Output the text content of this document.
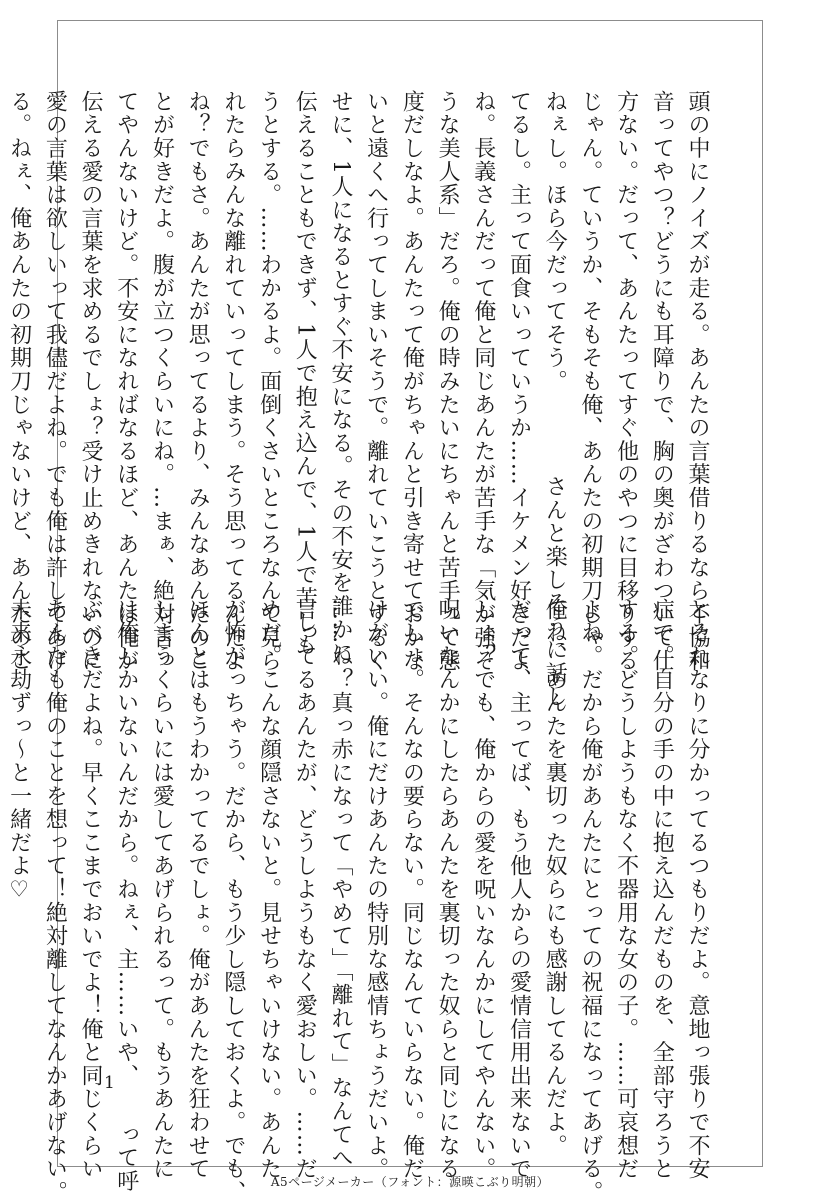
頭の中にノイズが走る。あんたの言葉借りるなら不協和
音ってやつ？どうにも耳障りで、胸の奥がざわついて仕
方ない。だって、あんたってすぐ他のやつに目移りする
じゃん。ていうか、そもそも俺、あんたの初期刀じゃ
ねぇし。ほら今だってそう。　　　　さんと楽しそうに話し
てるし。主って面食いっていうか……イケメン好きだよ
ね。長義さんだって俺と同じあんたが苦手な「気が強そ
うな美人系」だろ。俺の時みたいにちゃんと苦手って態
度だしなよ。あんたって俺がちゃんと引き寄せておかな
いと遠くへ行ってしまいそうで。離れていこうとするく
せに、1人になるとすぐ不安になる。その不安を誰かに
伝えることもできず、1人で抱え込んで、1人で苦しも
うとする。……わかるよ。面倒くさいところなんて見ら
れたらみんな離れていってしまう。そう思ってるんだよ
ね？でもさ。あんたが思ってるより、みんなあんたのこ
とが好きだよ。腹が立つくらいにね。…まぁ、絶対言っ
てやんないけど。不安になればなるほど、あんたは俺が
伝える愛の言葉を求めるでしょ？受け止めきれないのに
愛の言葉は欲しいって我儘だよね。でも俺は許してあげ
る。ねぇ、俺あんたの初期刀じゃないけど、あんたのこ
とそれなりに分かってるつもりだよ。意地っ張りで不安
症で。自分の手の中に抱え込んだものを、全部守ろうと
する。どうしようもなく不器用な女の子。……可哀想だ
よね。だから俺があんたにとっての祝福になってあげる。
俺ね、あんたを裏切った奴らにも感謝してるんだよ。
だって、主ってば、もう他人からの愛情信用出来ないで
しょ？でも、俺からの愛を呪いなんかにしてやんない。
呪いなんかにしたらあんたを裏切った奴らと同じになる
でしょ。そんなの要らない。同じなんていらない。俺だ
けがいい。俺にだけあんたの特別な感情ちょうだいよ。
……ね？真っ赤になって「やめて」「離れて」なんてへ
言ってるあんたが、どうしようもなく愛おしい。……だ
めだ。こんな顔隠さないと。見せちゃいけない。あんた
が怖がっちゃう。だから、もう少し隠しておくよ。でも、
ほんとはもうわかってるでしょ。俺があんたを狂わせて
しまうくらいには愛してあげられるって。もうあんたに
は俺しかいないんだから。ねぇ、主……いや、　　って呼
ぶべきだよね。早くここまでおいでよ！俺と同じくらい
あんたも俺のことを想って！絶対離してなんかあげない。
未来永劫ずっ〜と一緒だよ♡
1
A5ページメーカー（フォント：源暎こぶり明朝）
